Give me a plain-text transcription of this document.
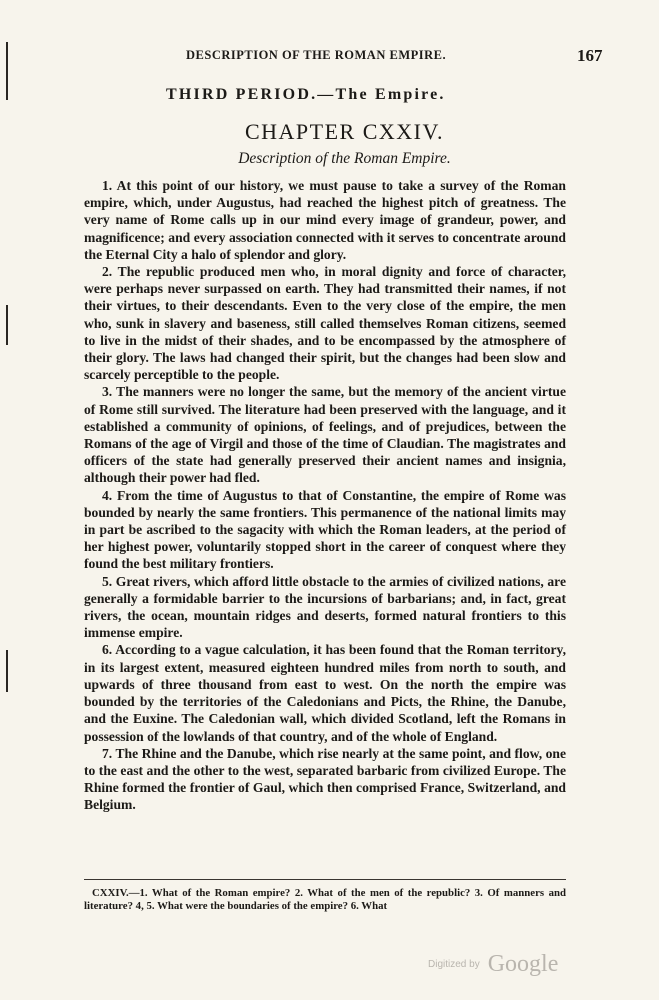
DESCRIPTION OF THE ROMAN EMPIRE.	167
THIRD PERIOD.—The Empire.
CHAPTER CXXIV.
Description of the Roman Empire.

1. At this point of our history, we must pause to take a survey of the Roman empire, which, under Augustus, had reached the highest pitch of greatness. The very name of Rome calls up in our mind every image of grandeur, power, and magnificence; and every association connected with it serves to concentrate around the Eternal City a halo of splendor and glory.

2. The republic produced men who, in moral dignity and force of character, were perhaps never surpassed on earth. They had transmitted their names, if not their virtues, to their descendants. Even to the very close of the empire, the men who, sunk in slavery and baseness, still called themselves Roman citizens, seemed to live in the midst of their shades, and to be encompassed by the atmosphere of their glory. The laws had changed their spirit, but the changes had been slow and scarcely perceptible to the people.

3. The manners were no longer the same, but the memory of the ancient virtue of Rome still survived. The literature had been preserved with the language, and it established a community of opinions, of feelings, and of prejudices, between the Romans of the age of Virgil and those of the time of Claudian. The magistrates and officers of the state had generally preserved their ancient names and insignia, although their power had fled.

4. From the time of Augustus to that of Constantine, the empire of Rome was bounded by nearly the same frontiers. This permanence of the national limits may in part be ascribed to the sagacity with which the Roman leaders, at the period of her highest power, voluntarily stopped short in the career of conquest where they found the best military frontiers.

5. Great rivers, which afford little obstacle to the armies of civilized nations, are generally a formidable barrier to the incursions of barbarians; and, in fact, great rivers, the ocean, mountain ridges and deserts, formed natural frontiers to this immense empire.

6. According to a vague calculation, it has been found that the Roman territory, in its largest extent, measured eighteen hundred miles from north to south, and upwards of three thousand from east to west. On the north the empire was bounded by the territories of the Caledonians and Picts, the Rhine, the Danube, and the Euxine. The Caledonian wall, which divided Scotland, left the Romans in possession of the lowlands of that country, and of the whole of England.

7. The Rhine and the Danube, which rise nearly at the same point, and flow, one to the east and the other to the west, separated barbaric from civilized Europe. The Rhine formed the frontier of Gaul, which then comprised France, Switzerland, and Belgium.

CXXIV.—1. What of the Roman empire? 2. What of the men of the republic? 3. Of manners and literature? 4, 5. What were the boundaries of the empire? 6. What

Digitized by Google
